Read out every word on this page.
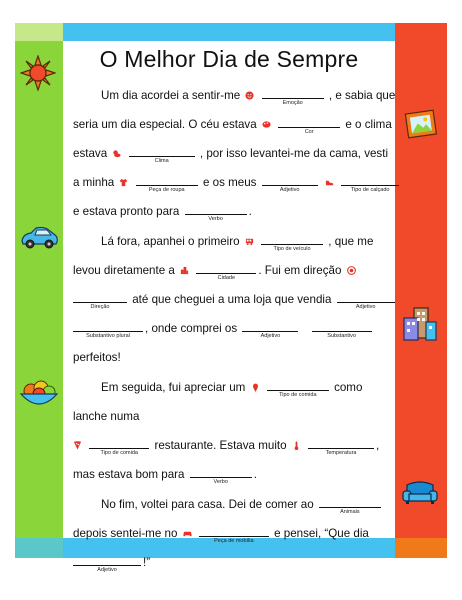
O Melhor Dia de Sempre
Um dia acordei a sentir-me
Emoção
, e sabia que
seria um dia especial. O céu estava
Cor
e o clima
estava
Clima
, por isso levantei-me da cama, vesti
a minha
Peça de roupa
e os meus
Adjetivo
	Tipo de calçado
e estava pronto para
Verbo
.
Lá fora, apanhei o primeiro
Tipo de veículo
, que me
levou diretamente a
Cidade
. Fui em direção
Direção
até que cheguei a uma loja que vendia
Adjetivo
Substantivo plural
, onde comprei os
Adjetivo
	Substantivo
perfeitos!
Em seguida, fui apreciar um
Tipo de comida
como
lanche numa

Tipo de comida
restaurante. Estava muito
Temperatura
,
mas estava bom para
Verbo
.
No fim, voltei para casa. Dei de comer ao
Animais
depois sentei-me no
Peça de mobília
e pensei, “Que dia
Adjetivo
!”
